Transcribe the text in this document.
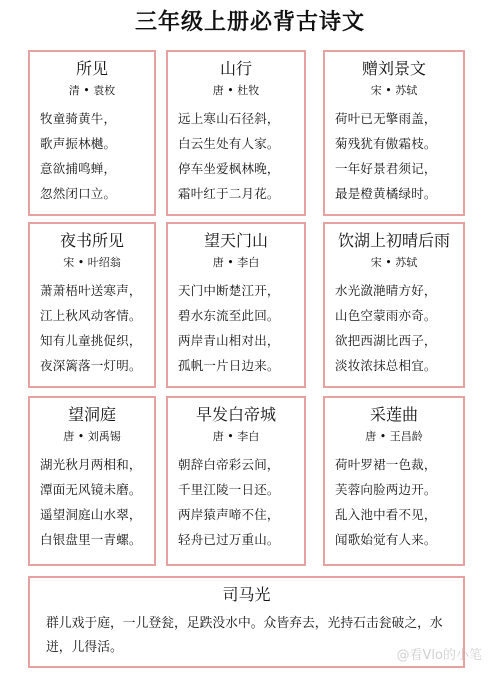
三年级上册必背古诗文
所见
清 • 袁枚
牧童骑黄牛，
歌声振林樾。
意欲捕鸣蝉，
忽然闭口立。
山行
唐 • 杜牧
远上寒山石径斜，
白云生处有人家。
停车坐爱枫林晚，
霜叶红于二月花。
赠刘景文
宋 • 苏轼
荷叶已无擎雨盖，
菊残犹有傲霜枝。
一年好景君须记，
最是橙黄橘绿时。
夜书所见
宋 • 叶绍翁
萧萧梧叶送寒声，
江上秋风动客情。
知有儿童挑促织，
夜深篱落一灯明。
望天门山
唐 • 李白
天门中断楚江开，
碧水东流至此回。
两岸青山相对出，
孤帆一片日边来。
饮湖上初晴后雨
宋 • 苏轼
水光潋滟晴方好，
山色空蒙雨亦奇。
欲把西湖比西子，
淡妆浓抹总相宜。
望洞庭
唐 • 刘禹锡
湖光秋月两相和，
潭面无风镜未磨。
遥望洞庭山水翠，
白银盘里一青螺。
早发白帝城
唐 • 李白
朝辞白帝彩云间，
千里江陵一日还。
两岸猿声啼不住，
轻舟已过万重山。
采莲曲
唐 • 王昌龄
荷叶罗裙一色裁，
芙蓉向脸两边开。
乱入池中看不见，
闻歌始觉有人来。
司马光
群儿戏于庭，一儿登瓮，足跌没水中。众皆弃去，光持石击瓮破之，水迸，儿得活。
@看Vlo的小笔
